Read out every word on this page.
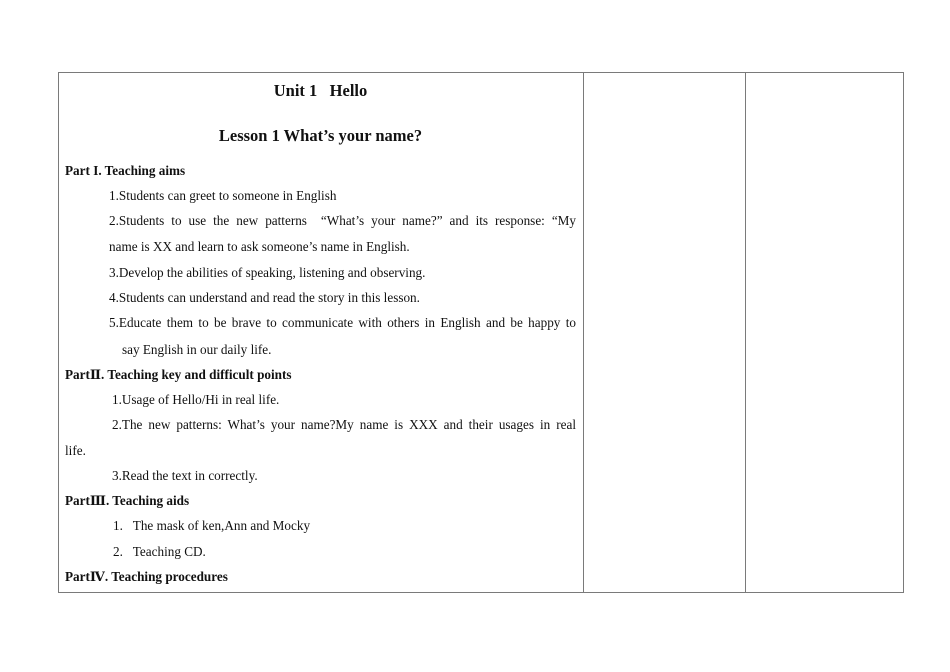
Unit 1   Hello
Lesson 1 What’s your name?
Part I. Teaching aims
1.Students can greet to someone in English
2.Students to use the new patterns  “What’s your name?” and its response: “My
name is XX and learn to ask someone’s name in English.
3.Develop the abilities of speaking, listening and observing.
4.Students can understand and read the story in this lesson.
5.Educate them to be brave to communicate with others in English and be happy to
say English in our daily life.
PartⅡ. Teaching key and difficult points
1.Usage of Hello/Hi in real life.
2.The new patterns: What’s your name?My name is XXX and their usages in real
life.
3.Read the text in correctly.
PartⅢ. Teaching aids
1.   The mask of ken,Ann and Mocky
2.   Teaching CD.
PartⅣ. Teaching procedures
